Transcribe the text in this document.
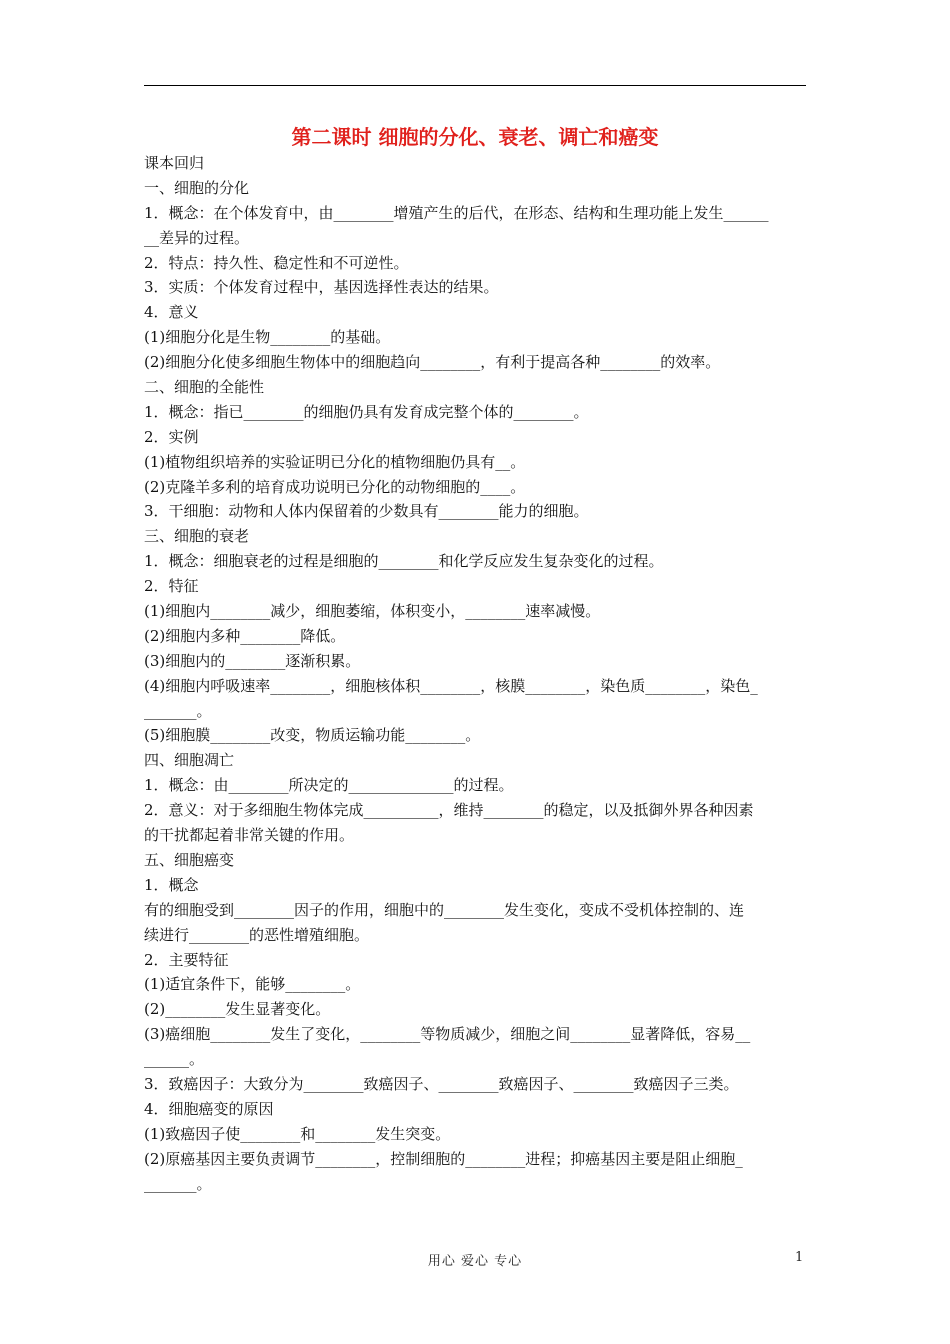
第二课时 细胞的分化、衰老、调亡和癌变
课本回归
一、细胞的分化
1．概念：在个体发育中，由________增殖产生的后代，在形态、结构和生理功能上发生______
__差异的过程。
2．特点：持久性、稳定性和不可逆性。
3．实质：个体发育过程中，基因选择性表达的结果。
4．意义
(1)细胞分化是生物________的基础。
(2)细胞分化使多细胞生物体中的细胞趋向________，有利于提高各种________的效率。
二、细胞的全能性
1．概念：指已________的细胞仍具有发育成完整个体的________。
2．实例
(1)植物组织培养的实验证明已分化的植物细胞仍具有__。
(2)克隆羊多利的培育成功说明已分化的动物细胞的____。
3．干细胞：动物和人体内保留着的少数具有________能力的细胞。
三、细胞的衰老
1．概念：细胞衰老的过程是细胞的________和化学反应发生复杂变化的过程。
2．特征
(1)细胞内________减少，细胞萎缩，体积变小，________速率减慢。
(2)细胞内多种________降低。
(3)细胞内的________逐渐积累。
(4)细胞内呼吸速率________，细胞核体积________，核膜________，染色质________，染色_
_______。
(5)细胞膜________改变，物质运输功能________。
四、细胞凋亡
1．概念：由________所决定的______________的过程。
2．意义：对于多细胞生物体完成__________，维持________的稳定，以及抵御外界各种因素
的干扰都起着非常关键的作用。
五、细胞癌变
1．概念
有的细胞受到________因子的作用，细胞中的________发生变化，变成不受机体控制的、连
续进行________的恶性增殖细胞。
2．主要特征
(1)适宜条件下，能够________。
(2)________发生显著变化。
(3)癌细胞________发生了变化，________等物质减少，细胞之间________显著降低，容易__
______。
3．致癌因子：大致分为________致癌因子、________致癌因子、________致癌因子三类。
4．细胞癌变的原因
(1)致癌因子使________和________发生突变。
(2)原癌基因主要负责调节________，控制细胞的________进程；抑癌基因主要是阻止细胞_
_______。
用心 爱心 专心	1
